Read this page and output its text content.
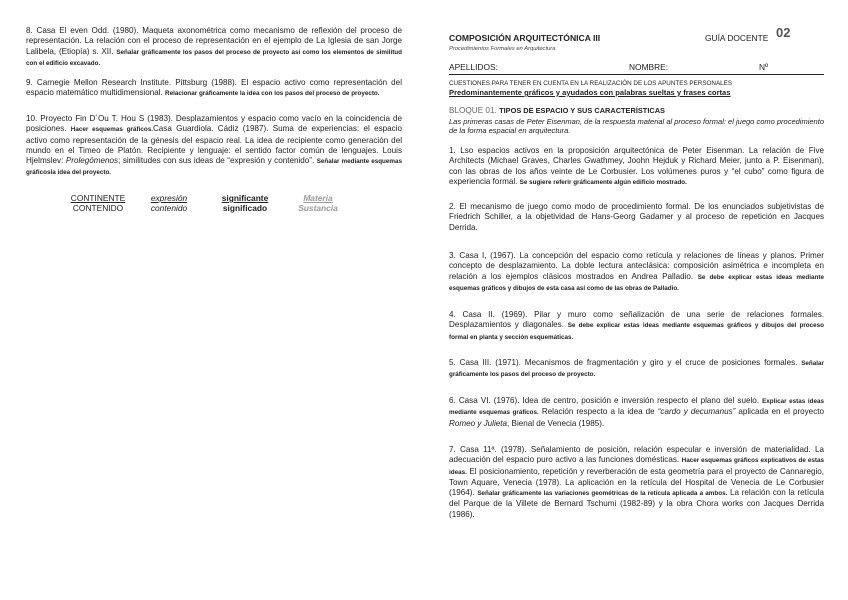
8. Casa El even Odd. (1980). Maqueta axonométrica como mecanismo de reflexión del proceso de representación. La relación con el proceso de representación en el ejemplo de La Iglesia de san Jorge Lalibela, (Etiopía) s. XII. Señalar gráficamente los pasos del proceso de proyecto así como los elementos de similitud con el edificio excavado.
9. Carnegie Mellon Research Institute. Pittsburg (1988). El espacio activo como representación del espacio matemático multidimensional. Relacionar gráficamente la idea con los pasos del proceso de proyecto.
10. Proyecto Fin D´Ou T. Hou S (1983). Desplazamientos y espacio como vacío en la coincidencia de posiciones. Hacer esquemas gráficos.Casa Guardiola. Cádiz (1987). Suma de experiencias: el espacio activo como representación de la génesis del espacio real. La idea de recipiente como generación del mundo en el Timeo de Platón. Recipiente y lenguaje: el sentido factor común de lenguajes. Louis Hjelmslev: Prolegómenos; similitudes con sus ideas de “expresión y contenido”. Señalar mediante esquemas gráficosla idea del proyecto.
CONTINENTE
CONTENIDO
expresión
contenido
significante
significado
Materia
Sustancia
COMPOSICIÓN ARQUITECTÓNICA III
Procedimientos Formales en Arquitectura
GUÍA DOCENTE 02
APELLIDOS:	NOMBRE:	Nº
CUESTIONES PARA TENER EN CUENTA EN LA REALIZACIÓN DE LOS APUNTES PERSONALES
Predominantemente gráficos y ayudados con palabras sueltas y frases cortas
BLOQUE 01. TIPOS DE ESPACIO Y SUS CARACTERÍSTICAS
Las primeras casas de Peter Eisenman, de la respuesta material al proceso formal: el juego como procedimiento de la forma espacial en arquitectura.
1. Lso espacios activos en la proposición arquitectónica de Peter Eisenman. La relación de Five Architects (Michael Graves, Charles Gwathmey, Joohn Hejduk y Richard Meier, junto a P. Eisenman), con las obras de los años veinte de Le Corbusier. Los volúmenes puros y “el cubo” como figura de experiencia formal. Se sugiere referir gráficamente algún edificio mostrado.
2. El mecanismo de juego como modo de procedimiento formal. De los enunciados subjetivistas de Friedrich Schiller, a la objetividad de Hans-Georg Gadamer y al proceso de repetición en Jacques Derrida.
3. Casa I, (1967). La concepción del espacio como retícula y relaciones de líneas y planos. Primer concepto de desplazamiento. La doble lectura anteclásica: composición asimétrica e incompleta en relación a los ejemplos clásicos mostrados en Andrea Palladio. Se debe explicar estas ideas mediante esquemas gráficos y dibujos de esta casa así como de las obras de Palladio.
4. Casa II. (1969). Pilar y muro como señalización de una serie de relaciones formales. Desplazamientos y diagonales. Se debe explicar estas ideas mediante esquemas gráficos y dibujos del proceso formal en planta y sección esquemáticas.
5. Casa III. (1971). Mecanismos de fragmentación y giro y el cruce de posiciones formales. Señalar gráficamente los pasos del proceso de proyecto.
6. Casa VI. (1976). Idea de centro, posición e inversión respecto el plano del suelo. Explicar estas ideas mediante esquemas gráficos. Relación respecto a la idea de “cardo y decumanus” aplicada en el proyecto Romeo y Julieta, Bienal de Venecia (1985).
7. Casa 11ª. (1978). Señalamiento de posición, relación especular e inversión de materialidad. La adecuación del espacio puro activo a las funciones domésticas. Hacer esquemas gráficos explicativos de estas ideas. El posicionamiento, repetición y reverberación de esta geometría para el proyecto de Cannaregio, Town Aquare, Venecia (1978). La aplicación en la retícula del Hospital de Venecia de Le Corbusier (1964). Señalar gráficamente las variaciones geométricas de la retícula aplicada a ambos. La relación con la retícula del Parque de la Villete de Bernard Tschumi (1982-89) y la obra Chora works con Jacques Derrida (1986).
